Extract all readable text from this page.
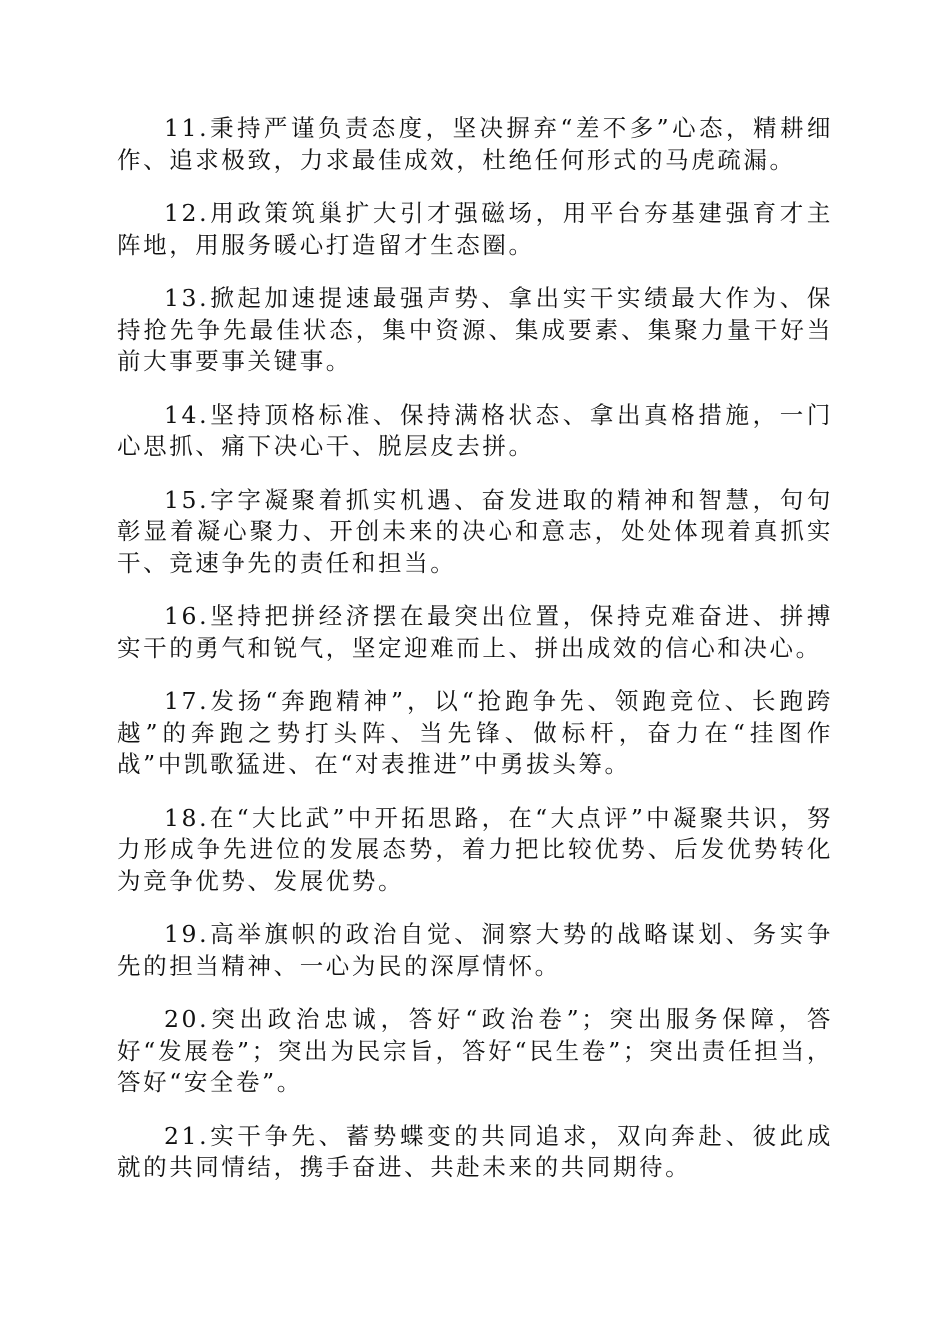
11.秉持严谨负责态度，坚决摒弃“差不多”心态，精耕细作、追求极致，力求最佳成效，杜绝任何形式的马虎疏漏。

12.用政策筑巢扩大引才强磁场，用平台夯基建强育才主阵地，用服务暖心打造留才生态圈。

13.掀起加速提速最强声势、拿出实干实绩最大作为、保持抢先争先最佳状态，集中资源、集成要素、集聚力量干好当前大事要事关键事。

14.坚持顶格标准、保持满格状态、拿出真格措施，一门心思抓、痛下决心干、脱层皮去拼。

15.字字凝聚着抓实机遇、奋发进取的精神和智慧，句句彰显着凝心聚力、开创未来的决心和意志，处处体现着真抓实干、竞速争先的责任和担当。

16.坚持把拼经济摆在最突出位置，保持克难奋进、拼搏实干的勇气和锐气，坚定迎难而上、拼出成效的信心和决心。

17.发扬“奔跑精神”，以“抢跑争先、领跑竞位、长跑跨越”的奔跑之势打头阵、当先锋、做标杆，奋力在“挂图作战”中凯歌猛进、在“对表推进”中勇拔头筹。

18.在“大比武”中开拓思路，在“大点评”中凝聚共识，努力形成争先进位的发展态势，着力把比较优势、后发优势转化为竞争优势、发展优势。

19.高举旗帜的政治自觉、洞察大势的战略谋划、务实争先的担当精神、一心为民的深厚情怀。

20.突出政治忠诚，答好“政治卷”；突出服务保障，答好“发展卷”；突出为民宗旨，答好“民生卷”；突出责任担当，答好“安全卷”。

21.实干争先、蓄势蝶变的共同追求，双向奔赴、彼此成就的共同情结，携手奋进、共赴未来的共同期待。
